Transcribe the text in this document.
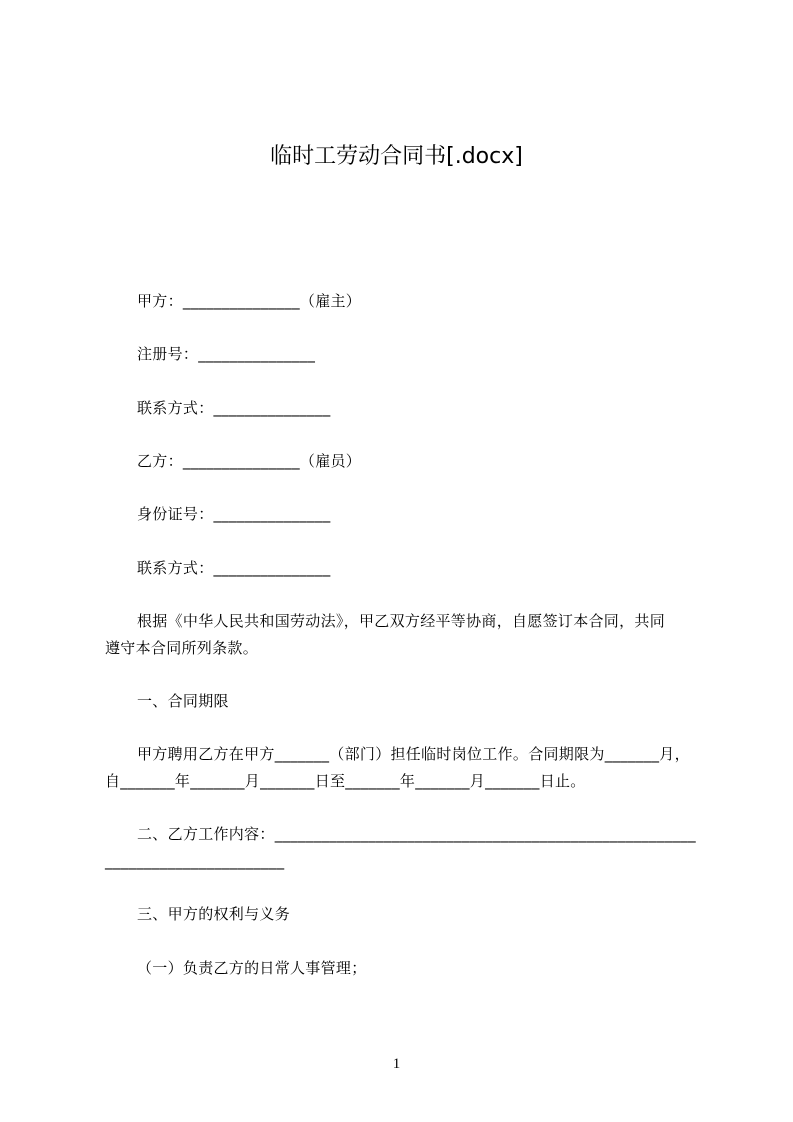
临时工劳动合同书[.docx]
甲方：_______________（雇主）
注册号：_______________
联系方式：_______________
乙方：_______________（雇员）
身份证号：_______________
联系方式：_______________
根据《中华人民共和国劳动法》，甲乙双方经平等协商，自愿签订本合同，共同
遵守本合同所列条款。
一、合同期限
甲方聘用乙方在甲方_______（部门）担任临时岗位工作。合同期限为_______月，
自_______年_______月_______日至_______年_______月_______日止。
二、乙方工作内容：______________________________________________________
_______________________
三、甲方的权利与义务
（一）负责乙方的日常人事管理；
1
